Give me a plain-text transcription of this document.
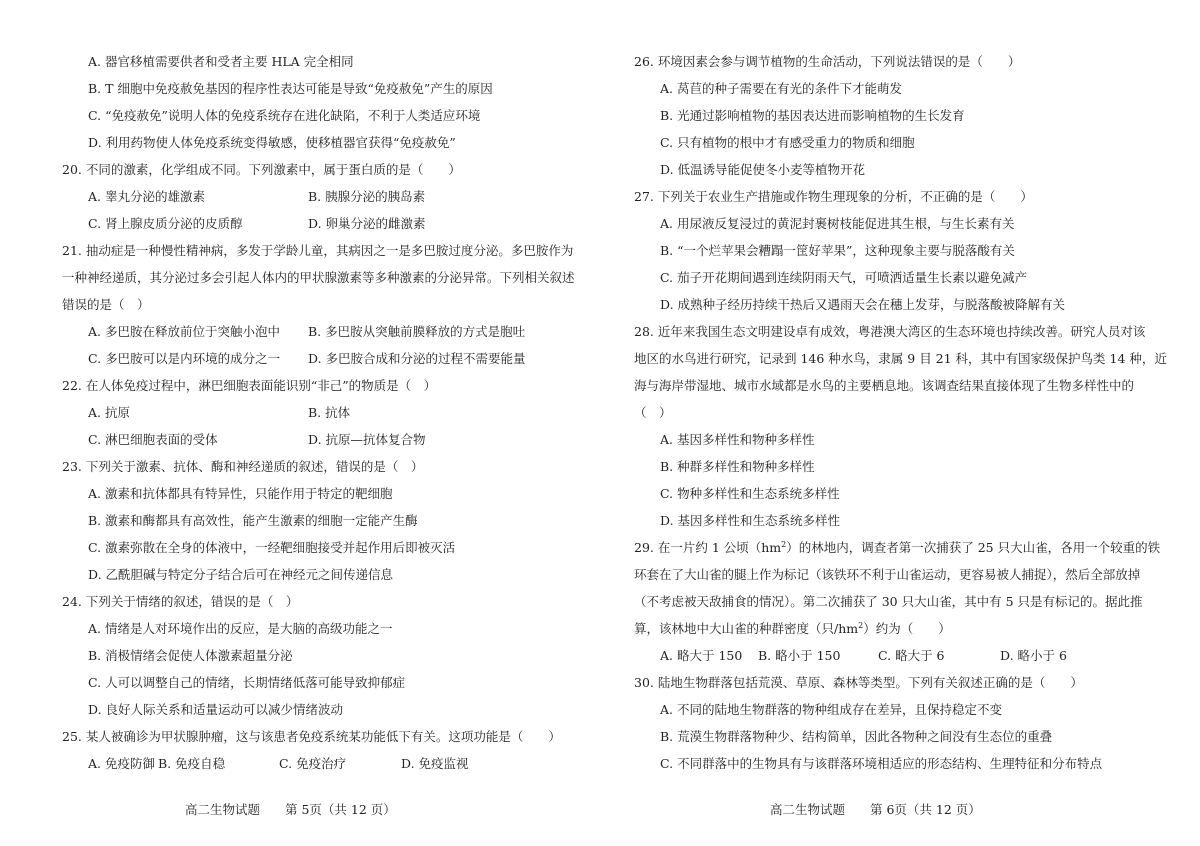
A. 器官移植需要供者和受者主要 HLA 完全相同
B. T 细胞中免疫赦免基因的程序性表达可能是导致“免疫赦免”产生的原因
C. “免疫赦免”说明人体的免疫系统存在进化缺陷，不利于人类适应环境
D. 利用药物使人体免疫系统变得敏感，使移植器官获得“免疫赦免”
20. 不同的激素，化学组成不同。下列激素中，属于蛋白质的是（　　）
A. 睾丸分泌的雄激素	B. 胰腺分泌的胰岛素
C. 肾上腺皮质分泌的皮质醇	D. 卵巢分泌的雌激素
21. 抽动症是一种慢性精神病，多发于学龄儿童，其病因之一是多巴胺过度分泌。多巴胺作为
一种神经递质，其分泌过多会引起人体内的甲状腺激素等多种激素的分泌异常。下列相关叙述
错误的是（　）
A. 多巴胺在释放前位于突触小泡中 B. 多巴胺从突触前膜释放的方式是胞吐
C. 多巴胺可以是内环境的成分之一 D. 多巴胺合成和分泌的过程不需要能量
22. 在人体免疫过程中，淋巴细胞表面能识别“非己”的物质是（　）
A. 抗原	B. 抗体
C. 淋巴细胞表面的受体	D. 抗原—抗体复合物
23. 下列关于激素、抗体、酶和神经递质的叙述，错误的是（　）
A. 激素和抗体都具有特异性，只能作用于特定的靶细胞
B. 激素和酶都具有高效性，能产生激素的细胞一定能产生酶
C. 激素弥散在全身的体液中，一经靶细胞接受并起作用后即被灭活
D. 乙酰胆碱与特定分子结合后可在神经元之间传递信息
24. 下列关于情绪的叙述，错误的是（　）
A. 情绪是人对环境作出的反应，是大脑的高级功能之一
B. 消极情绪会促使人体激素超量分泌
C. 人可以调整自己的情绪，长期情绪低落可能导致抑郁症
D. 良好人际关系和适量运动可以减少情绪波动
25. 某人被确诊为甲状腺肿瘤，这与该患者免疫系统某功能低下有关。这项功能是（　　）
A. 免疫防御 B. 免疫自稳	C. 免疫治疗	D. 免疫监视
高二生物试题　　第 5页（共 12 页）
26. 环境因素会参与调节植物的生命活动，下列说法错误的是（　　）
A. 莴苣的种子需要在有光的条件下才能萌发
B. 光通过影响植物的基因表达进而影响植物的生长发育
C. 只有植物的根中才有感受重力的物质和细胞
D. 低温诱导能促使冬小麦等植物开花
27. 下列关于农业生产措施或作物生理现象的分析，不正确的是（　　）
A. 用尿液反复浸过的黄泥封裹树枝能促进其生根，与生长素有关
B. “一个烂苹果会糟蹋一筐好苹果”，这种现象主要与脱落酸有关
C. 茄子开花期间遇到连续阴雨天气，可喷洒适量生长素以避免减产
D. 成熟种子经历持续干热后又遇雨天会在穗上发芽，与脱落酸被降解有关
28. 近年来我国生态文明建设卓有成效，粤港澳大湾区的生态环境也持续改善。研究人员对该
地区的水鸟进行研究，记录到 146 种水鸟，隶属 9 目 21 科，其中有国家级保护鸟类 14 种，近
海与海岸带湿地、城市水域都是水鸟的主要栖息地。该调查结果直接体现了生物多样性中的
（　）
A. 基因多样性和物种多样性
B. 种群多样性和物种多样性
C. 物种多样性和生态系统多样性
D. 基因多样性和生态系统多样性
29. 在一片约 1 公顷$(hm^2)$的林地内，调查者第一次捕获了 25 只大山雀，各用一个较重的铁
环套在了大山雀的腿上作为标记（该铁环不利于山雀运动，更容易被人捕捉），然后全部放掉
（不考虑被天敌捕食的情况）。第二次捕获了 30 只大山雀，其中有 5 只是有标记的。据此推
算，该林地中大山雀的种群密度（只$/hm^2$）约为（　　）
A. 略大于 150 B. 略小于 150	C. 略大于 6	D. 略小于 6
30. 陆地生物群落包括荒漠、草原、森林等类型。下列有关叙述正确的是（　　）
A. 不同的陆地生物群落的物种组成存在差异，且保持稳定不变
B. 荒漠生物群落物种少、结构简单，因此各物种之间没有生态位的重叠
C. 不同群落中的生物具有与该群落环境相适应的形态结构、生理特征和分布特点
高二生物试题　　第 6页（共 12 页）
